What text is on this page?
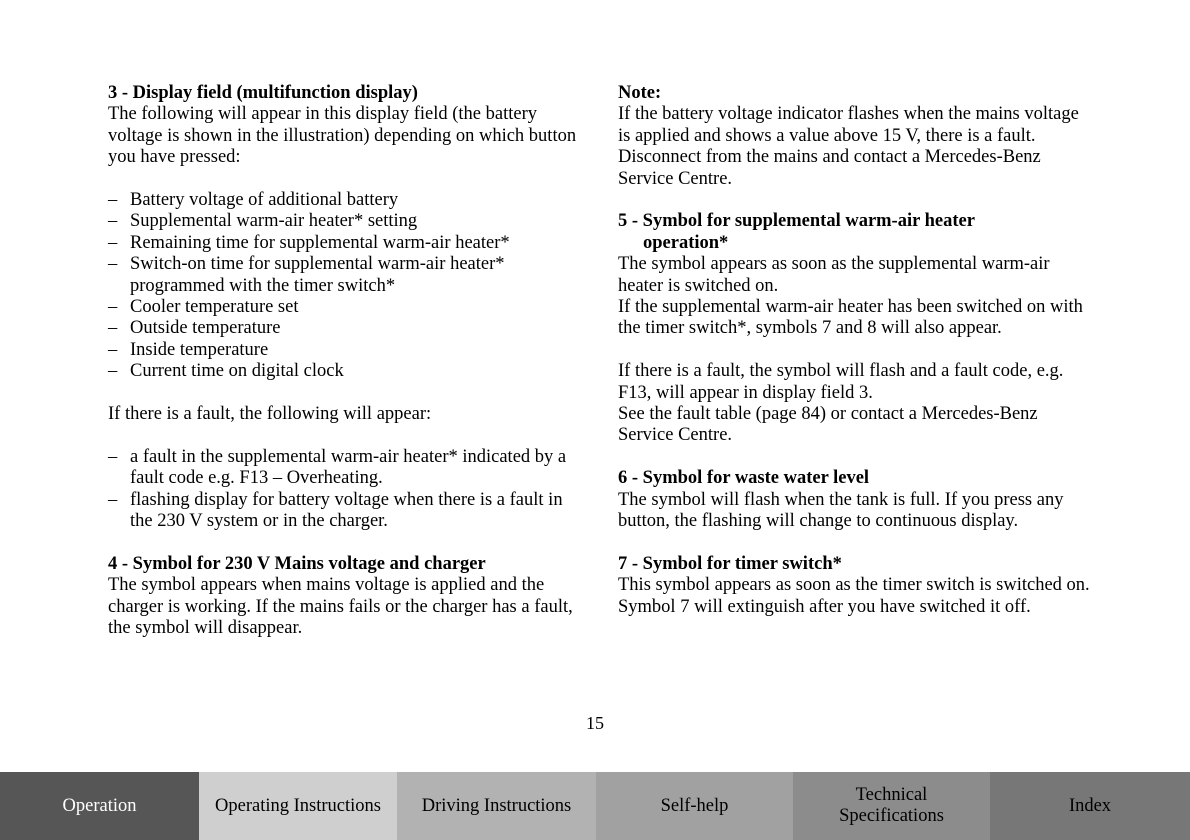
3 - Display field (multifunction display)
The following will appear in this display field (the battery voltage is shown in the illustration) depending on which button you have pressed:
– Battery voltage of additional battery
– Supplemental warm-air heater* setting
– Remaining time for supplemental warm-air heater*
– Switch-on time for supplemental warm-air heater* programmed with the timer switch*
– Cooler temperature set
– Outside temperature
– Inside temperature
– Current time on digital clock
If there is a fault, the following will appear:
– a fault in the supplemental warm-air heater* indicated by a fault code e.g. F13 – Overheating.
– flashing display for battery voltage when there is a fault in the 230 V system or in the charger.
4 - Symbol for 230 V Mains voltage and charger
The symbol appears when mains voltage is applied and the charger is working. If the mains fails or the charger has a fault, the symbol will disappear.
Note:
If the battery voltage indicator flashes when the mains voltage is applied and shows a value above 15 V, there is a fault. Disconnect from the mains and contact a Mercedes-Benz Service Centre.
5 - Symbol for supplemental warm-air heater
operation*
The symbol appears as soon as the supplemental warm-air heater is switched on.
If the supplemental warm-air heater has been switched on with the timer switch*, symbols 7 and 8 will also appear.
If there is a fault, the symbol will flash and a fault code, e.g. F13, will appear in display field 3.
See the fault table (page 84) or contact a Mercedes-Benz Service Centre.
6 - Symbol for waste water level
The symbol will flash when the tank is full. If you press any button, the flashing will change to continuous display.
7 - Symbol for timer switch*
This symbol appears as soon as the timer switch is switched on. Symbol 7 will extinguish after you have switched it off.
15
Operation	Operating Instructions Driving Instructions	Self-help
Technical
Specifications
Index
